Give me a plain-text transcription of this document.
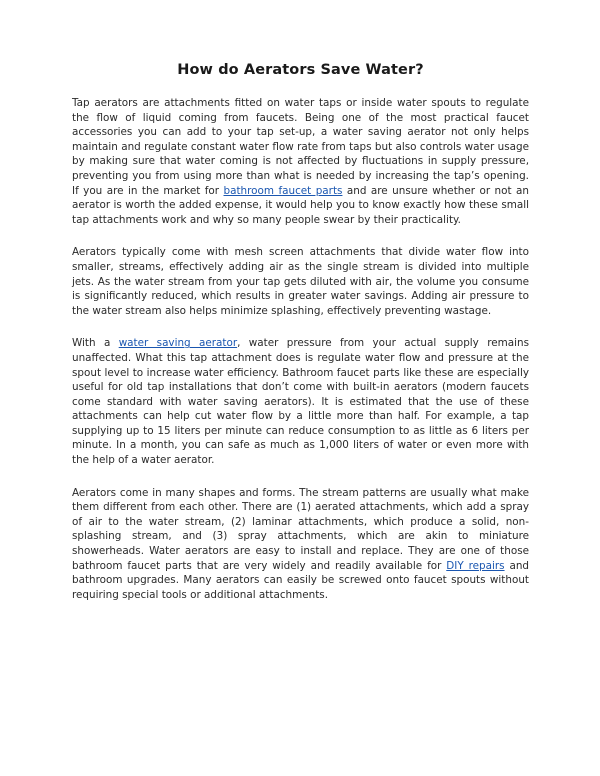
How do Aerators Save Water?

Tap aerators are attachments fitted on water taps or inside water spouts to regulate the flow of liquid coming from faucets. Being one of the most practical faucet accessories you can add to your tap set-up, a water saving aerator not only helps maintain and regulate constant water flow rate from taps but also controls water usage by making sure that water coming is not affected by fluctuations in supply pressure, preventing you from using more than what is needed by increasing the tap’s opening. If you are in the market for bathroom faucet parts and are unsure whether or not an aerator is worth the added expense, it would help you to know exactly how these small tap attachments work and why so many people swear by their practicality.

Aerators typically come with mesh screen attachments that divide water flow into smaller, streams, effectively adding air as the single stream is divided into multiple jets. As the water stream from your tap gets diluted with air, the volume you consume is significantly reduced, which results in greater water savings. Adding air pressure to the water stream also helps minimize splashing, effectively preventing wastage.

With a water saving aerator, water pressure from your actual supply remains unaffected. What this tap attachment does is regulate water flow and pressure at the spout level to increase water efficiency. Bathroom faucet parts like these are especially useful for old tap installations that don’t come with built-in aerators (modern faucets come standard with water saving aerators). It is estimated that the use of these attachments can help cut water flow by a little more than half. For example, a tap supplying up to 15 liters per minute can reduce consumption to as little as 6 liters per minute. In a month, you can safe as much as 1,000 liters of water or even more with the help of a water aerator.

Aerators come in many shapes and forms. The stream patterns are usually what make them different from each other. There are (1) aerated attachments, which add a spray of air to the water stream, (2) laminar attachments, which produce a solid, non-splashing stream, and (3) spray attachments, which are akin to miniature showerheads. Water aerators are easy to install and replace. They are one of those bathroom faucet parts that are very widely and readily available for DIY repairs and bathroom upgrades. Many aerators can easily be screwed onto faucet spouts without requiring special tools or additional attachments.
